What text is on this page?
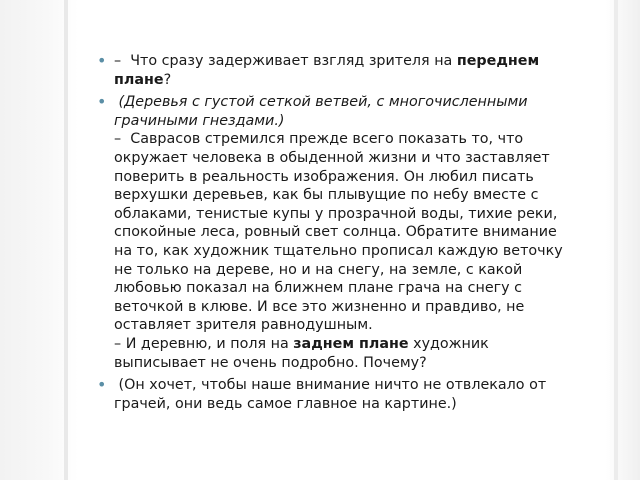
• –  Что сразу задерживает взгляд зрителя на переднем
плане?
• (Деревья с густой сеткой ветвей, с многочисленными
грачиными гнездами.)
–  Саврасов стремился прежде всего показать то, что
окружает человека в обыденной жизни и что заставляет
поверить в реальность изображения. Он любил писать
верхушки деревьев, как бы плывущие по небу вместе с
облаками, тенистые купы у прозрачной воды, тихие реки,
спокойные леса, ровный свет солнца. Обратите внимание
на то, как художник тщательно прописал каждую веточку
не только на дереве, но и на снегу, на земле, с какой
любовью показал на ближнем плане грача на снегу с
веточкой в клюве. И все это жизненно и правдиво, не
оставляет зрителя равнодушным.
– И деревню, и поля на заднем плане художник
выписывает не очень подробно. Почему?
• (Он хочет, чтобы наше внимание ничто не отвлекало от
грачей, они ведь самое главное на картине.)
